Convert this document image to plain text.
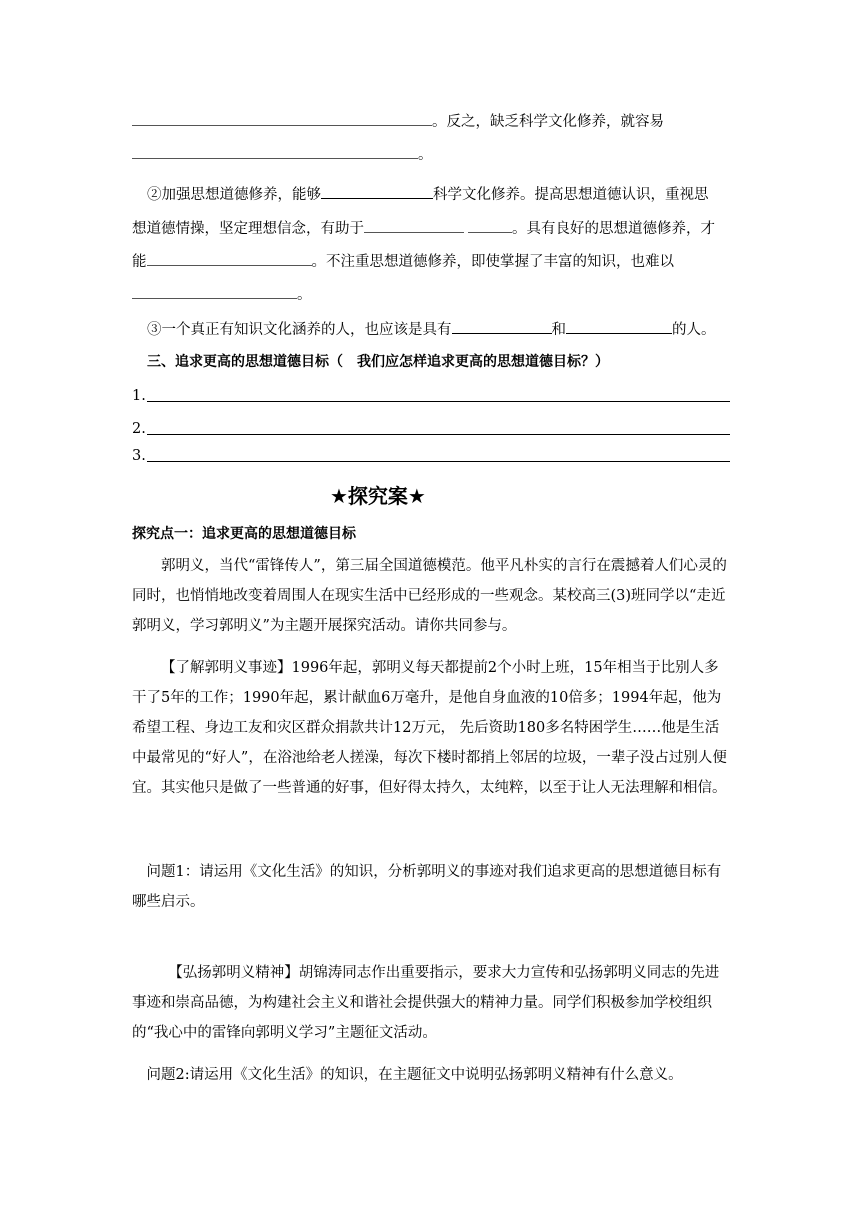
。反之，缺乏科学文化修养，就容易
。
②加强思想道德修养，能够	科学文化修养。提高思想道德认识，重视思
想道德情操，坚定理想信念，有助于	。具有良好的思想道德修养，才
能	。不注重思想道德修养，即使掌握了丰富的知识，也难以
。
③一个真正有知识文化涵养的人，也应该是具有	和	的人。
三、追求更高的思想道德目标（　我们应怎样追求更高的思想道德目标？）
1.
2.
3.
★探究案★
探究点一：追求更高的思想道德目标
郭明义，当代“雷锋传人”，第三届全国道德模范。他平凡朴实的言行在震撼着人们心灵的同时，也悄悄地改变着周围人在现实生活中已经形成的一些观念。某校高三(3)班同学以“走近郭明义，学习郭明义”为主题开展探究活动。请你共同参与。
【了解郭明义事迹】1996年起，郭明义每天都提前2个小时上班，15年相当于比别人多干了5年的工作；1990年起，累计献血6万毫升，是他自身血液的10倍多；1994年起，他为希望工程、身边工友和灾区群众捐款共计12万元， 先后资助180多名特困学生……他是生活中最常见的“好人”，在浴池给老人搓澡，每次下楼时都捎上邻居的垃圾，一辈子没占过别人便宜。其实他只是做了一些普通的好事，但好得太持久，太纯粹，以至于让人无法理解和相信。
问题1：请运用《文化生活》的知识，分析郭明义的事迹对我们追求更高的思想道德目标有哪些启示。
【弘扬郭明义精神】胡锦涛同志作出重要指示，要求大力宣传和弘扬郭明义同志的先进事迹和崇高品德，为构建社会主义和谐社会提供强大的精神力量。同学们积极参加学校组织的“我心中的雷锋向郭明义学习”主题征文活动。
问题2:请运用《文化生活》的知识，在主题征文中说明弘扬郭明义精神有什么意义。
